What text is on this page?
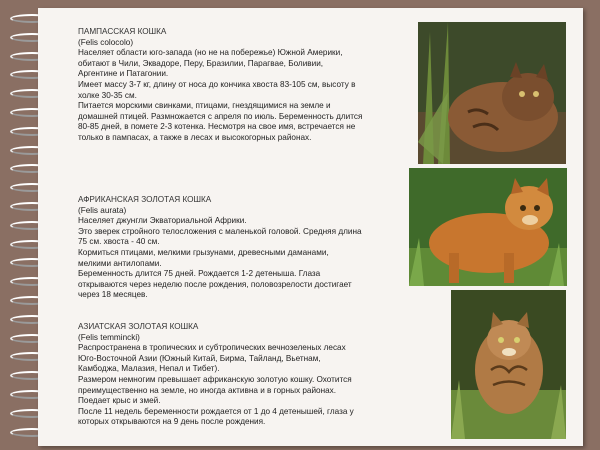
ПАМПАССКАЯ КОШКА

(Felis colocolo)

Населяет области юго-запада (но не на побережье) Южной Америки, обитают в Чили, Эквадоре, Перу, Бразилии, Парагвае, Боливии, Аргентине и Патагонии.

Имеет массу 3-7 кг, длину от носа до кончика хвоста 83-105 см, высоту в холке 30-35 см.

Питается морскими свинками, птицами, гнездящимися на земле и домашней птицей. Размножается с апреля по июль. Беременность длится 80-85 дней, в помете 2-3 котенка. Несмотря на свое имя, встречается не только в пампасах, а также в лесах и высокогорных районах.

АФРИКАНСКАЯ ЗОЛОТАЯ КОШКА

(Felis aurata)

Населяет джунгли Экваториальной Африки.

Это зверек стройного телосложения с маленькой головой. Средняя длина 75 см. хвоста - 40 см.

Кормиться птицами, мелкими грызунами, древесными даманами, мелкими антилопами.

Беременность длится 75 дней. Рождается 1-2 детеныша. Глаза открываются через неделю после рождения, половозрелости достигает через 18 месяцев.

АЗИАТСКАЯ ЗОЛОТАЯ КОШКА

(Felis temmincki)

Распространена в тропических и субтропических вечнозеленых лесах Юго-Восточной Азии (Южный Китай, Бирма, Тайланд, Вьетнам, Камбоджа, Малазия, Непал и Тибет).

Размером немногим превышает африканскую золотую кошку. Охотится преимущественно на земле, но иногда активна и в горных районах. Поедает крыс и змей.

После 11 недель беременности рождается от 1 до 4 детенышей, глаза у которых открываются на 9 день после рождения.
